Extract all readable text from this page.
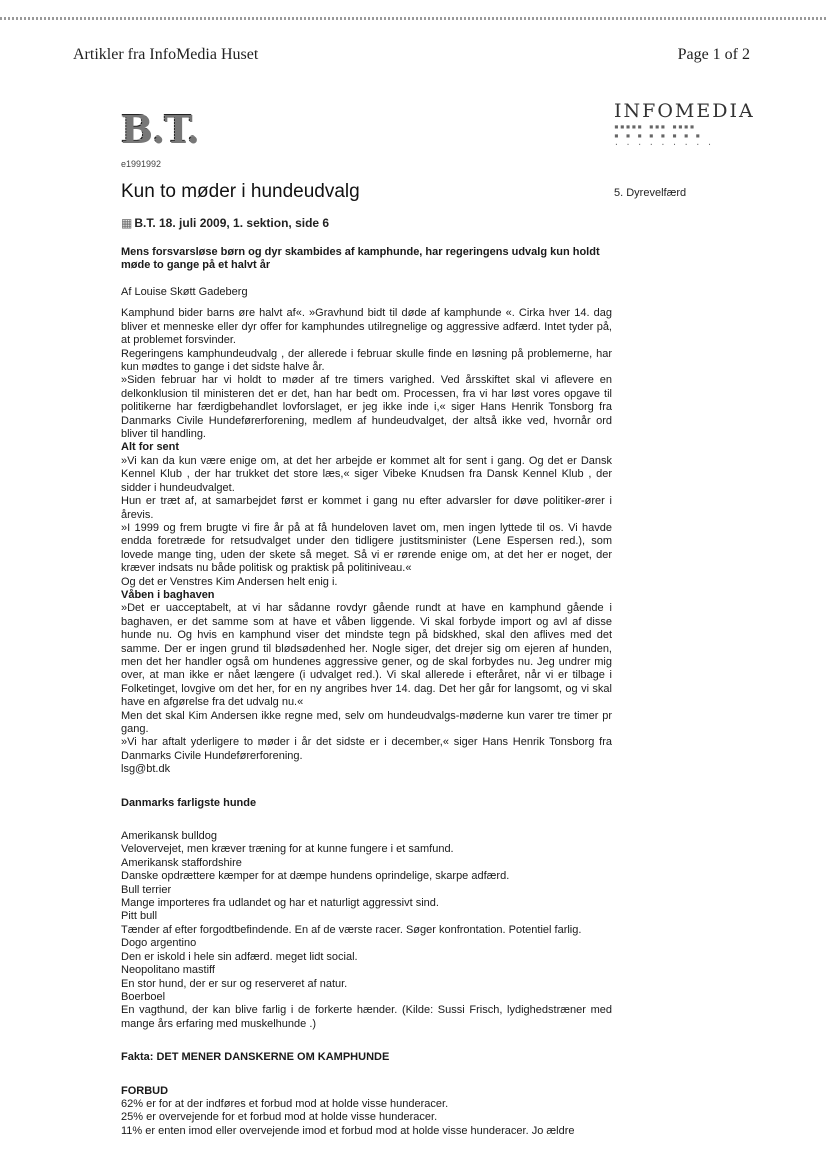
Artikler fra InfoMedia Huset	Page 1 of 2
B.T.	INFOMEDIA
▪▪▪▪▪ ▪▪▪ ▪▪▪▪
▪ ▪ ▪ ▪ ▪ ▪ ▪ ▪
· · · · · · · · ·
e1991992
Kun to møder i hundeudvalg	5. Dyrevelfærd
▦ B.T. 18. juli 2009, 1. sektion, side 6

Mens forsvarsløse børn og dyr skambides af kamphunde, har regeringens udvalg kun holdt møde to gange på et halvt år

Af Louise Skøtt Gadeberg

Kamphund bider barns øre halvt af«. »Gravhund bidt til døde af kamphunde «. Cirka hver 14. dag bliver et menneske eller dyr offer for kamphundes utilregnelige og aggressive adfærd. Intet tyder på, at problemet forsvinder.

Regeringens kamphundeudvalg , der allerede i februar skulle finde en løsning på problemerne, har kun mødtes to gange i det sidste halve år.

»Siden februar har vi holdt to møder af tre timers varighed. Ved årsskiftet skal vi aflevere en delkonklusion til ministeren det er det, han har bedt om. Processen, fra vi har løst vores opgave til politikerne har færdigbehandlet lovforslaget, er jeg ikke inde i,« siger Hans Henrik Tonsborg fra Danmarks Civile Hundeførerforening, medlem af hundeudvalget, der altså ikke ved, hvornår ord bliver til handling.

Alt for sent

»Vi kan da kun være enige om, at det her arbejde er kommet alt for sent i gang. Og det er Dansk Kennel Klub , der har trukket det store læs,« siger Vibeke Knudsen fra Dansk Kennel Klub , der sidder i hundeudvalget.

Hun er træt af, at samarbejdet først er kommet i gang nu efter advarsler for døve politiker-ører i årevis.

»I 1999 og frem brugte vi fire år på at få hundeloven lavet om, men ingen lyttede til os. Vi havde endda foretræde for retsudvalget under den tidligere justitsminister (Lene Espersen red.), som lovede mange ting, uden der skete så meget. Så vi er rørende enige om, at det her er noget, der kræver indsats nu både politisk og praktisk på politiniveau.«

Og det er Venstres Kim Andersen helt enig i.

Våben i baghaven

»Det er uacceptabelt, at vi har sådanne rovdyr gående rundt at have en kamphund gående i baghaven, er det samme som at have et våben liggende. Vi skal forbyde import og avl af disse hunde nu. Og hvis en kamphund viser det mindste tegn på bidskhed, skal den aflives med det samme. Der er ingen grund til blødsødenhed her. Nogle siger, det drejer sig om ejeren af hunden, men det her handler også om hundenes aggressive gener, og de skal forbydes nu. Jeg undrer mig over, at man ikke er nået længere (i udvalget red.). Vi skal allerede i efteråret, når vi er tilbage i Folketinget, lovgive om det her, for en ny angribes hver 14. dag. Det her går for langsomt, og vi skal have en afgørelse fra det udvalg nu.«

Men det skal Kim Andersen ikke regne med, selv om hundeudvalgs-møderne kun varer tre timer pr gang.

»Vi har aftalt yderligere to møder i år det sidste er i december,« siger Hans Henrik Tonsborg fra Danmarks Civile Hundeførerforening.

lsg@bt.dk

Danmarks farligste hunde

Amerikansk bulldog

Velovervejet, men kræver træning for at kunne fungere i et samfund.

Amerikansk staffordshire

Danske opdrættere kæmper for at dæmpe hundens oprindelige, skarpe adfærd.

Bull terrier

Mange importeres fra udlandet og har et naturligt aggressivt sind.

Pitt bull

Tænder af efter forgodtbefindende. En af de værste racer. Søger konfrontation. Potentiel farlig.

Dogo argentino

Den er iskold i hele sin adfærd. meget lidt social.

Neopolitano mastiff

En stor hund, der er sur og reserveret af natur.

Boerboel

En vagthund, der kan blive farlig i de forkerte hænder. (Kilde: Sussi Frisch, lydighedstræner med mange års erfaring med muskelhunde .)

Fakta: DET MENER DANSKERNE OM KAMPHUNDE

FORBUD

62% er for at der indføres et forbud mod at holde visse hunderacer.

25% er overvejende for et forbud mod at holde visse hunderacer.

11% er enten imod eller overvejende imod et forbud mod at holde visse hunderacer. Jo ældre
